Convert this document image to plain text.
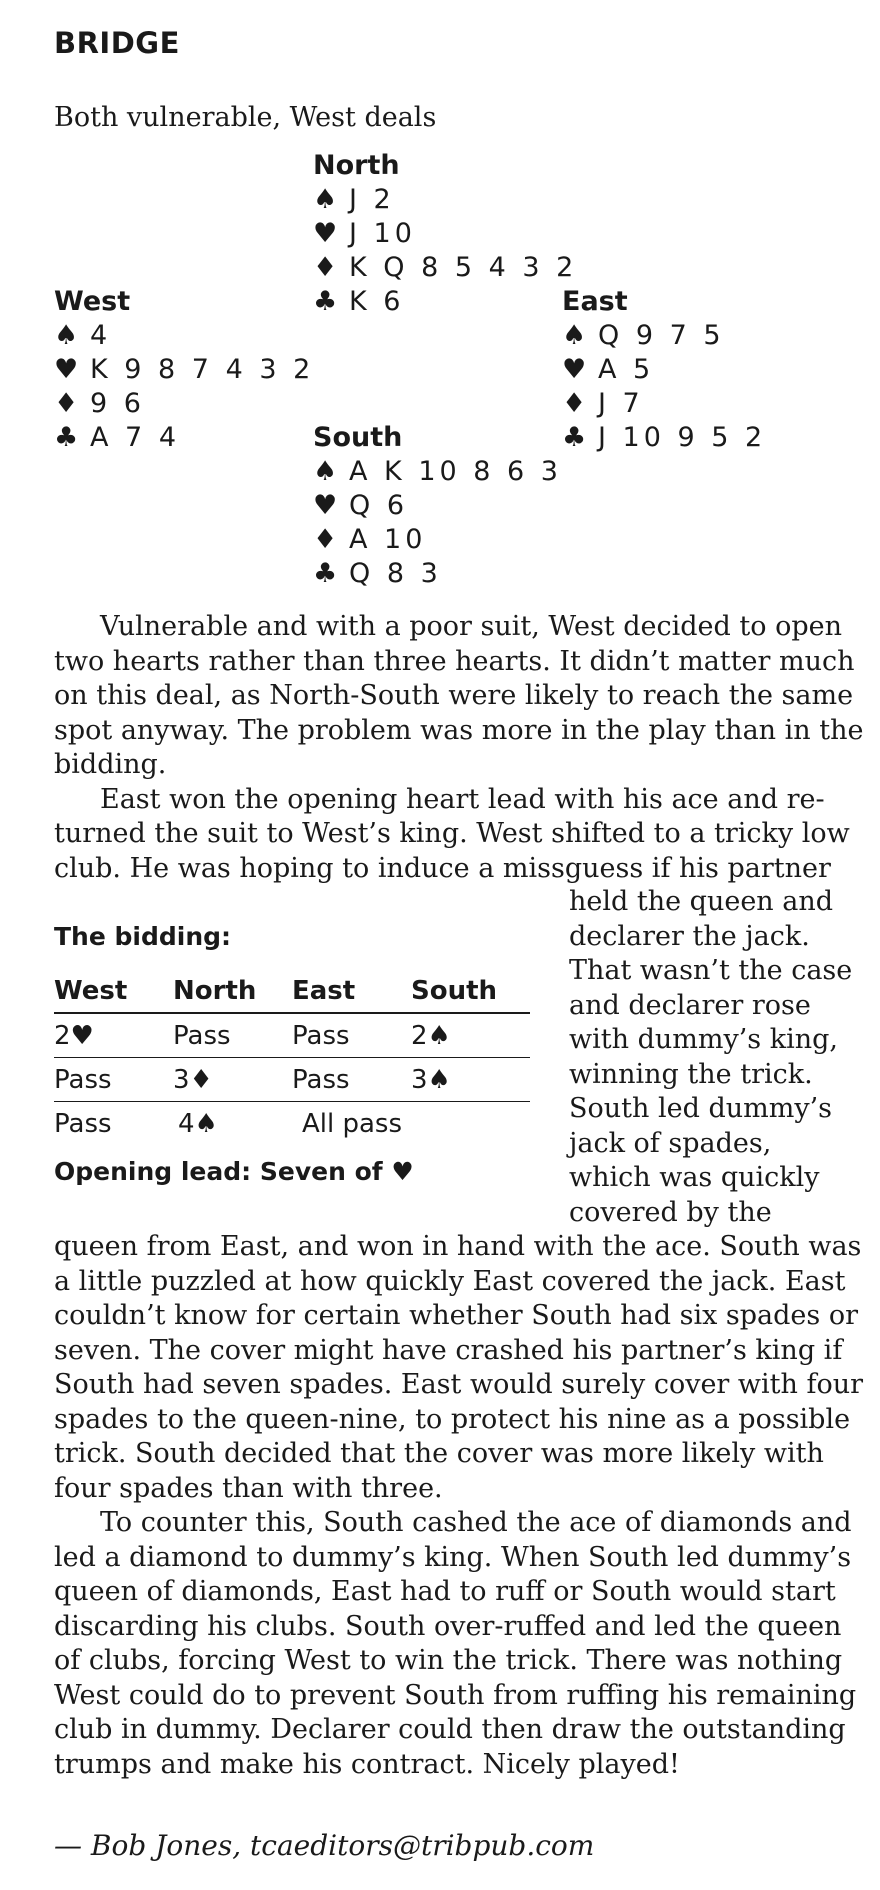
BRIDGE
Both vulnerable, West deals
North
♠ J 2
♥ J 10
♦ K Q 8 5 4 3 2
♣ K 6
West
♠ 4
♥ K 9 8 7 4 3 2
♦ 9 6
♣ A 7 4
East
♠ Q 9 7 5
♥ A 5
♦ J 7
♣ J 10 9 5 2
South
♠ A K 10 8 6 3
♥ Q 6
♦ A 10
♣ Q 8 3

Vulnerable and with a poor suit, West decided to open two hearts rather than three hearts. It didn’t matter much on this deal, as North-South were likely to reach the same spot anyway. The problem was more in the play than in the bidding.

East won the opening heart lead with his ace and re-
turned the suit to West’s king. West shifted to a tricky low
club. He was hoping to induce a missguess if his partner
The bidding:
West	North	East	South
2♥	Pass	Pass	2♠
Pass	3♦	Pass	3♠
Pass	4♠	All pass
Opening lead: Seven of ♥
held the queen and
declarer the jack.
That wasn’t the case
and declarer rose
with dummy’s king,
winning the trick.
South led dummy’s
jack of spades,
which was quickly
covered by the

queen from East, and won in hand with the ace. South was a little puzzled at how quickly East covered the jack. East couldn’t know for certain whether South had six spades or seven. The cover might have crashed his partner’s king if South had seven spades. East would surely cover with four spades to the queen-nine, to protect his nine as a possible trick. South decided that the cover was more likely with four spades than with three.

To counter this, South cashed the ace of diamonds and led a diamond to dummy’s king. When South led dummy’s queen of diamonds, East had to ruff or South would start discarding his clubs. South over-ruffed and led the queen of clubs, forcing West to win the trick. There was nothing West could do to prevent South from ruffing his remaining club in dummy. Declarer could then draw the outstanding trumps and make his contract. Nicely played!

— Bob Jones, tcaeditors@tribpub.com
